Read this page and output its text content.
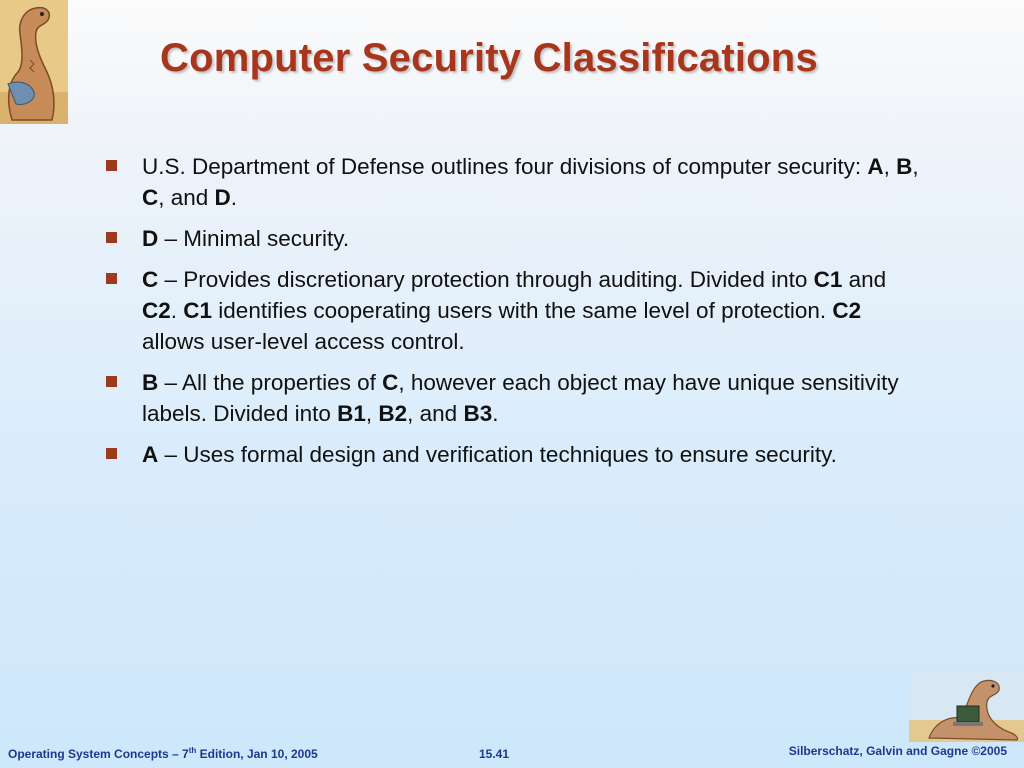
Computer Security Classifications
U.S. Department of Defense outlines four divisions of computer security: A, B, C, and D.
D – Minimal security.
C – Provides discretionary protection through auditing. Divided into C1 and C2. C1 identifies cooperating users with the same level of protection. C2 allows user-level access control.
B – All the properties of C, however each object may have unique sensitivity labels. Divided into B1, B2, and B3.
A – Uses formal design and verification techniques to ensure security.
Operating System Concepts – 7th Edition, Jan 10, 2005	15.41	Silberschatz, Galvin and Gagne ©2005
